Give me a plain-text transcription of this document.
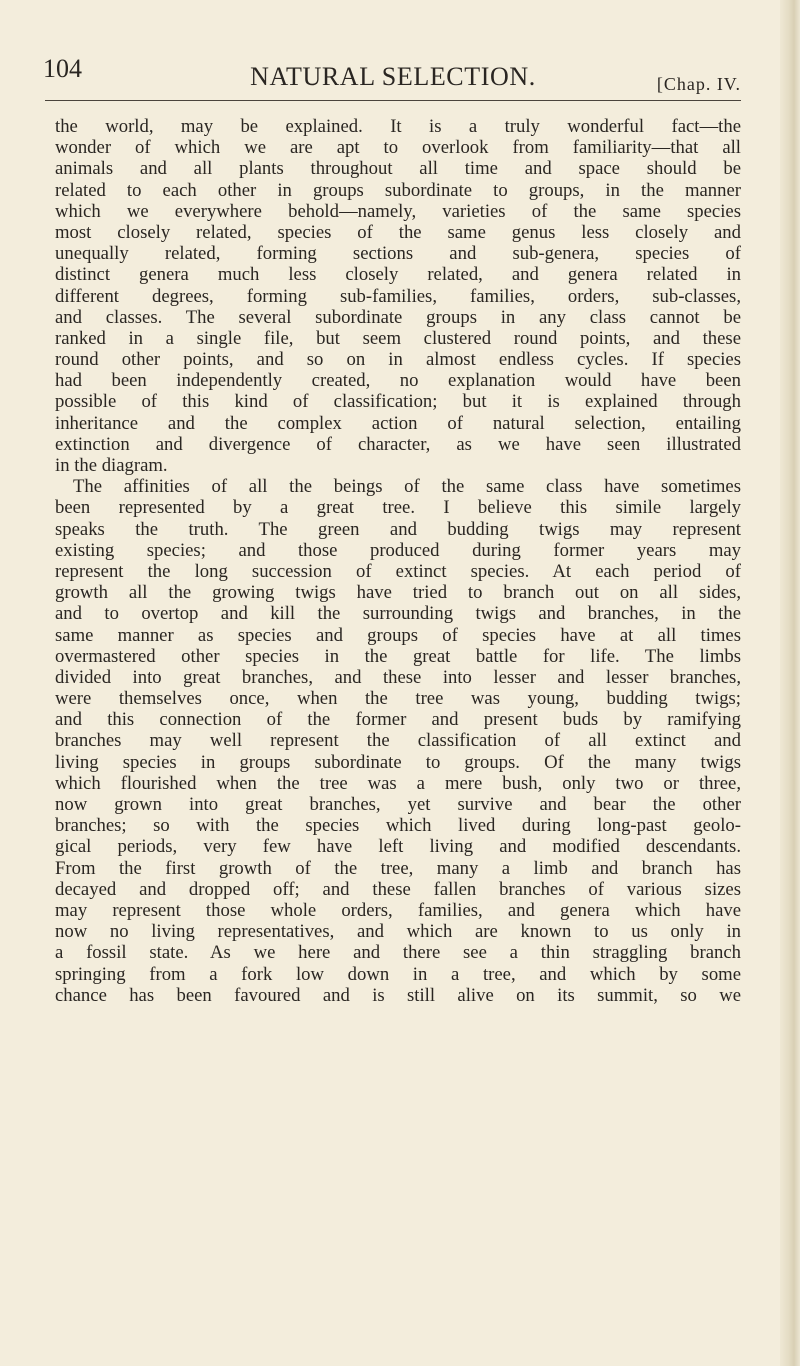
104	NATURAL SELECTION.	[Chap. IV.
the world, may be explained. It is a truly wonderful fact—the
wonder of which we are apt to overlook from familiarity—that all
animals and all plants throughout all time and space should be
related to each other in groups subordinate to groups, in the manner
which we everywhere behold—namely, varieties of the same species
most closely related, species of the same genus less closely and
unequally related, forming sections and sub-genera, species of
distinct genera much less closely related, and genera related in
different degrees, forming sub-families, families, orders, sub-classes,
and classes. The several subordinate groups in any class cannot be
ranked in a single file, but seem clustered round points, and these
round other points, and so on in almost endless cycles. If species
had been independently created, no explanation would have been
possible of this kind of classification; but it is explained through
inheritance and the complex action of natural selection, entailing
extinction and divergence of character, as we have seen illustrated
in the diagram.
The affinities of all the beings of the same class have sometimes
been represented by a great tree. I believe this simile largely
speaks the truth. The green and budding twigs may represent
existing species; and those produced during former years may
represent the long succession of extinct species. At each period of
growth all the growing twigs have tried to branch out on all sides,
and to overtop and kill the surrounding twigs and branches, in the
same manner as species and groups of species have at all times
overmastered other species in the great battle for life. The limbs
divided into great branches, and these into lesser and lesser branches,
were themselves once, when the tree was young, budding twigs;
and this connection of the former and present buds by ramifying
branches may well represent the classification of all extinct and
living species in groups subordinate to groups. Of the many twigs
which flourished when the tree was a mere bush, only two or three,
now grown into great branches, yet survive and bear the other
branches; so with the species which lived during long-past geolo-
gical periods, very few have left living and modified descendants.
From the first growth of the tree, many a limb and branch has
decayed and dropped off; and these fallen branches of various sizes
may represent those whole orders, families, and genera which have
now no living representatives, and which are known to us only in
a fossil state. As we here and there see a thin straggling branch
springing from a fork low down in a tree, and which by some
chance has been favoured and is still alive on its summit, so we
